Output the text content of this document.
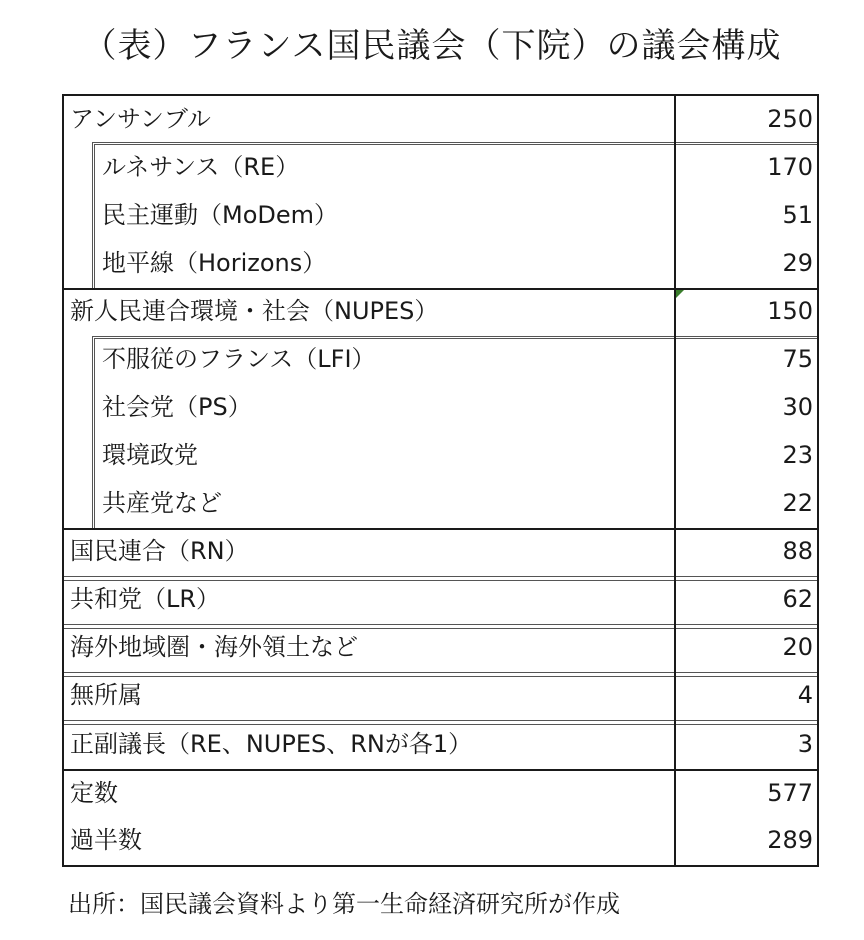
（表）フランス国民議会（下院）の議会構成
アンサンブル	250
ルネサンス（RE）	170
民主運動（MoDem）	51
地平線（Horizons）	29
新人民連合環境・社会（NUPES）	150
不服従のフランス（LFI）	75
社会党（PS）	30
環境政党	23
共産党など	22
国民連合（RN）	88
共和党（LR）	62
海外地域圏・海外領土など	20
無所属	4
正副議長（RE、NUPES、RNが各1）	3
定数	577
過半数	289
出所：国民議会資料より第一生命経済研究所が作成
